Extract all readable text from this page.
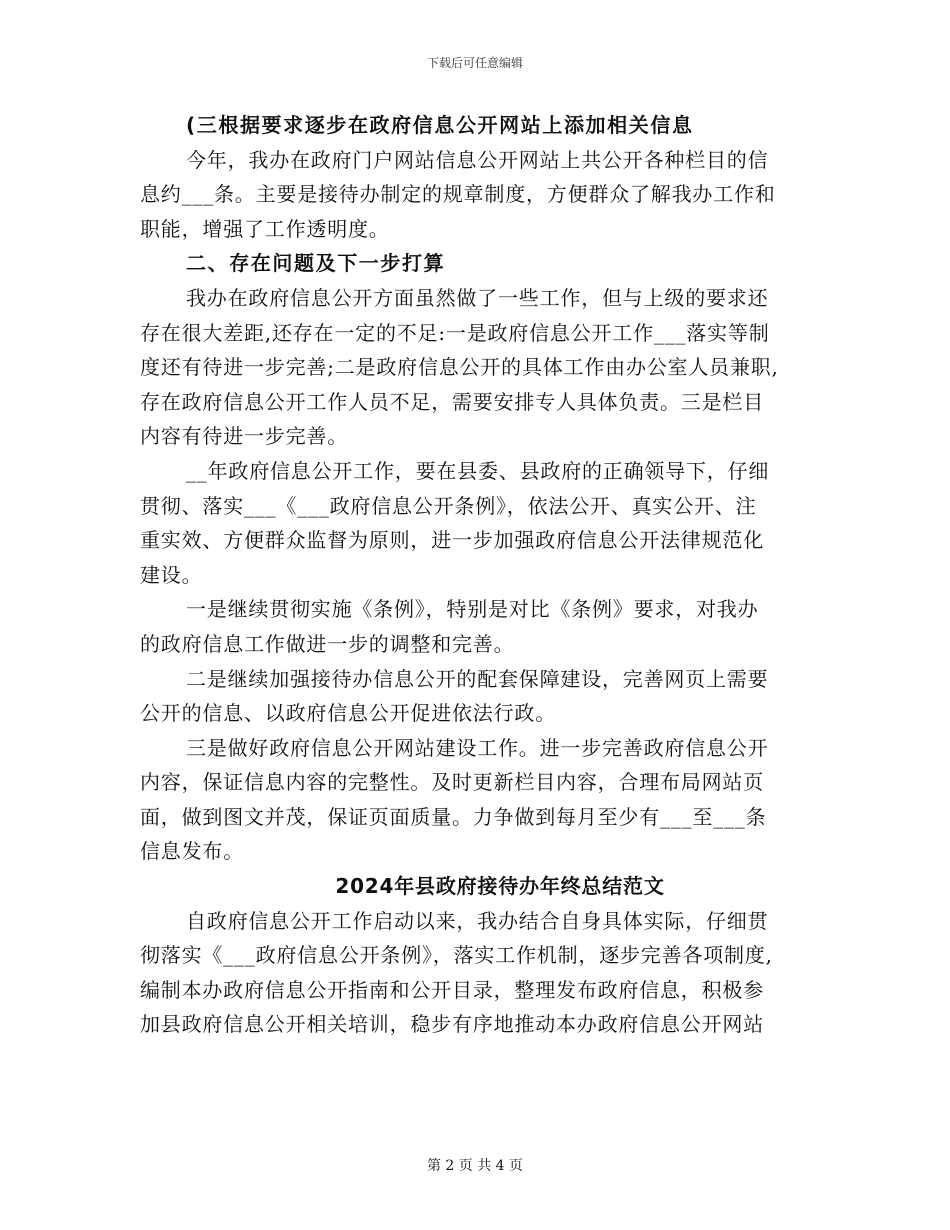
下载后可任意编辑
(三根据要求逐步在政府信息公开网站上添加相关信息
今年，我办在政府门户网站信息公开网站上共公开各种栏目的信
息约___条。主要是接待办制定的规章制度，方便群众了解我办工作和
职能，增强了工作透明度。
二、存在问题及下一步打算
我办在政府信息公开方面虽然做了一些工作，但与上级的要求还
存在很大差距,还存在一定的不足:一是政府信息公开工作___落实等制
度还有待进一步完善;二是政府信息公开的具体工作由办公室人员兼职,
存在政府信息公开工作人员不足，需要安排专人具体负责。三是栏目
内容有待进一步完善。
__年政府信息公开工作，要在县委、县政府的正确领导下，仔细
贯彻、落实___《___政府信息公开条例》，依法公开、真实公开、注
重实效、方便群众监督为原则，进一步加强政府信息公开法律规范化
建设。
一是继续贯彻实施《条例》，特别是对比《条例》要求，对我办
的政府信息工作做进一步的调整和完善。
二是继续加强接待办信息公开的配套保障建设，完善网页上需要
公开的信息、以政府信息公开促进依法行政。
三是做好政府信息公开网站建设工作。进一步完善政府信息公开
内容，保证信息内容的完整性。及时更新栏目内容，合理布局网站页
面，做到图文并茂，保证页面质量。力争做到每月至少有___至___条
信息发布。
2024年县政府接待办年终总结范文
自政府信息公开工作启动以来，我办结合自身具体实际，仔细贯
彻落实《___政府信息公开条例》，落实工作机制，逐步完善各项制度,
编制本办政府信息公开指南和公开目录，整理发布政府信息，积极参
加县政府信息公开相关培训，稳步有序地推动本办政府信息公开网站
第 2 页 共 4 页
